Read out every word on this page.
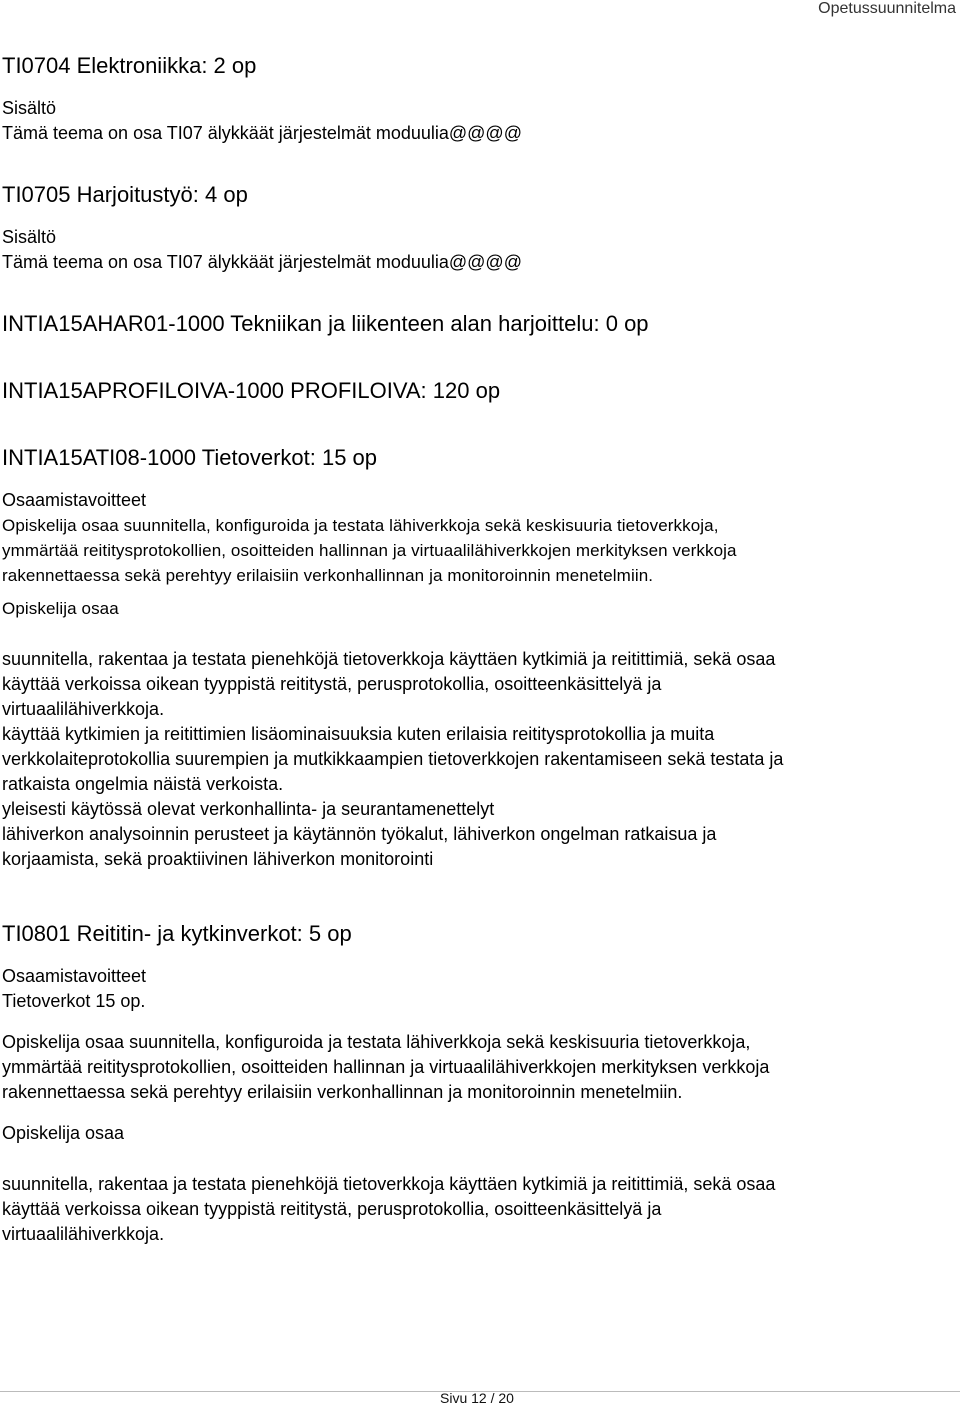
Opetussuunnitelma
TI0704 Elektroniikka: 2 op
Sisältö
Tämä teema on osa TI07 älykkäät järjestelmät moduulia@@@@
TI0705 Harjoitustyö: 4 op
Sisältö
Tämä teema on osa TI07 älykkäät järjestelmät moduulia@@@@
INTIA15AHAR01-1000 Tekniikan ja liikenteen alan harjoittelu: 0 op
INTIA15APROFILOIVA-1000 PROFILOIVA: 120 op
INTIA15ATI08-1000 Tietoverkot: 15 op
Osaamistavoitteet
Opiskelija osaa suunnitella, konfiguroida ja testata lähiverkkoja sekä keskisuuria tietoverkkoja,
ymmärtää reititysprotokollien, osoitteiden hallinnan ja virtuaalilähiverkkojen merkityksen verkkoja
rakennettaessa sekä perehtyy erilaisiin verkonhallinnan ja monitoroinnin menetelmiin.
Opiskelija osaa
suunnitella, rakentaa ja testata pienehköjä tietoverkkoja käyttäen kytkimiä ja reitittimiä, sekä osaa
käyttää verkoissa oikean tyyppistä reititystä, perusprotokollia, osoitteenkäsittelyä ja
virtuaalilähiverkkoja.
käyttää kytkimien ja reitittimien lisäominaisuuksia kuten erilaisia reititysprotokollia ja muita
verkkolaiteprotokollia suurempien ja mutkikkaampien tietoverkkojen rakentamiseen sekä testata ja
ratkaista ongelmia näistä verkoista.
yleisesti käytössä olevat verkonhallinta- ja seurantamenettelyt
lähiverkon analysoinnin perusteet ja käytännön työkalut, lähiverkon ongelman ratkaisua ja
korjaamista, sekä proaktiivinen lähiverkon monitorointi
TI0801 Reititin- ja kytkinverkot: 5 op
Osaamistavoitteet
Tietoverkot 15 op.
Opiskelija osaa suunnitella, konfiguroida ja testata lähiverkkoja sekä keskisuuria tietoverkkoja,
ymmärtää reititysprotokollien, osoitteiden hallinnan ja virtuaalilähiverkkojen merkityksen verkkoja
rakennettaessa sekä perehtyy erilaisiin verkonhallinnan ja monitoroinnin menetelmiin.
Opiskelija osaa
suunnitella, rakentaa ja testata pienehköjä tietoverkkoja käyttäen kytkimiä ja reitittimiä, sekä osaa
käyttää verkoissa oikean tyyppistä reititystä, perusprotokollia, osoitteenkäsittelyä ja
virtuaalilähiverkkoja.
Sivu 12 / 20
